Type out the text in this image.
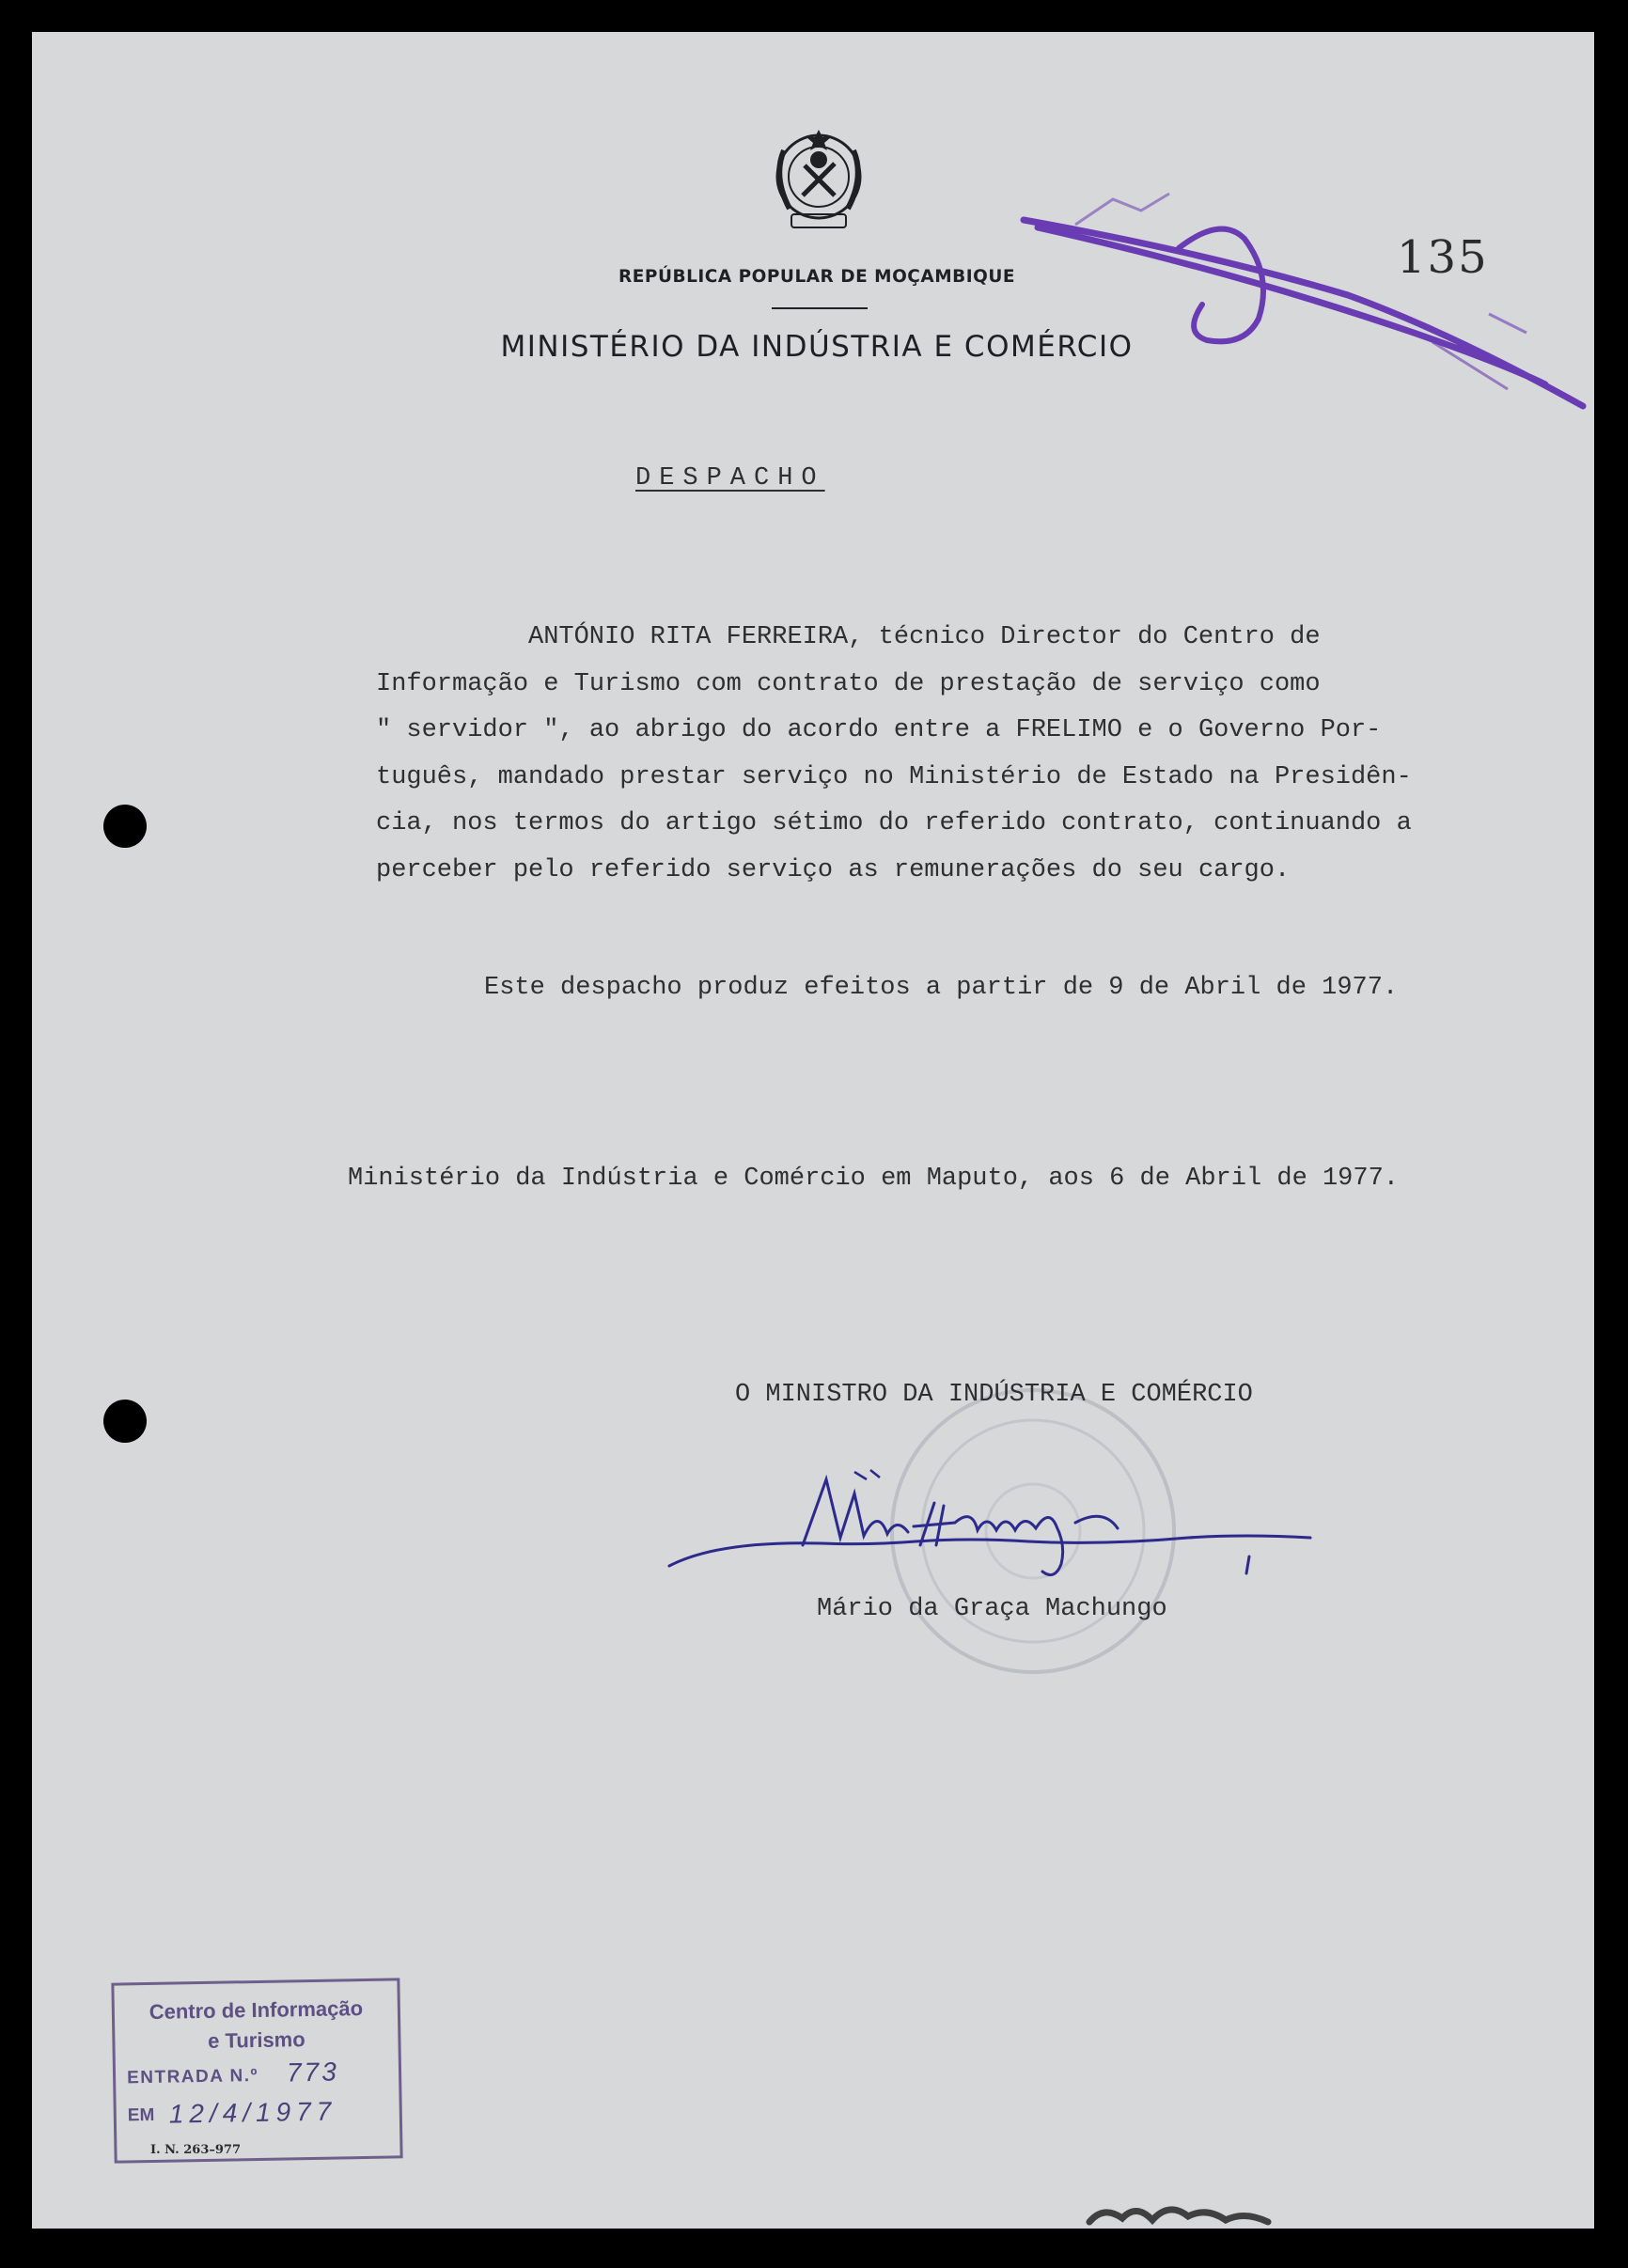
REPÚBLICA POPULAR DE MOÇAMBIQUE
MINISTÉRIO DA INDÚSTRIA E COMÉRCIO
135
DESPACHO
ANTÓNIO RITA FERREIRA, técnico Director do Centro de
Informação e Turismo com contrato de prestação de serviço como
" servidor ", ao abrigo do acordo entre a FRELIMO e o Governo Por-
tuguês, mandado prestar serviço no Ministério de Estado na Presidên-
cia, nos termos do artigo sétimo do referido contrato, continuando a
perceber pelo referido serviço as remunerações do seu cargo.
Este despacho produz efeitos a partir de 9 de Abril de 1977.
Ministério da Indústria e Comércio em Maputo, aos 6 de Abril de 1977.
O MINISTRO DA INDÚSTRIA E COMÉRCIO
Mário da Graça Machungo
Centro de Informação
e Turismo
ENTRADA N.º 773
EM 12/4/1977
I. N. 263–977
